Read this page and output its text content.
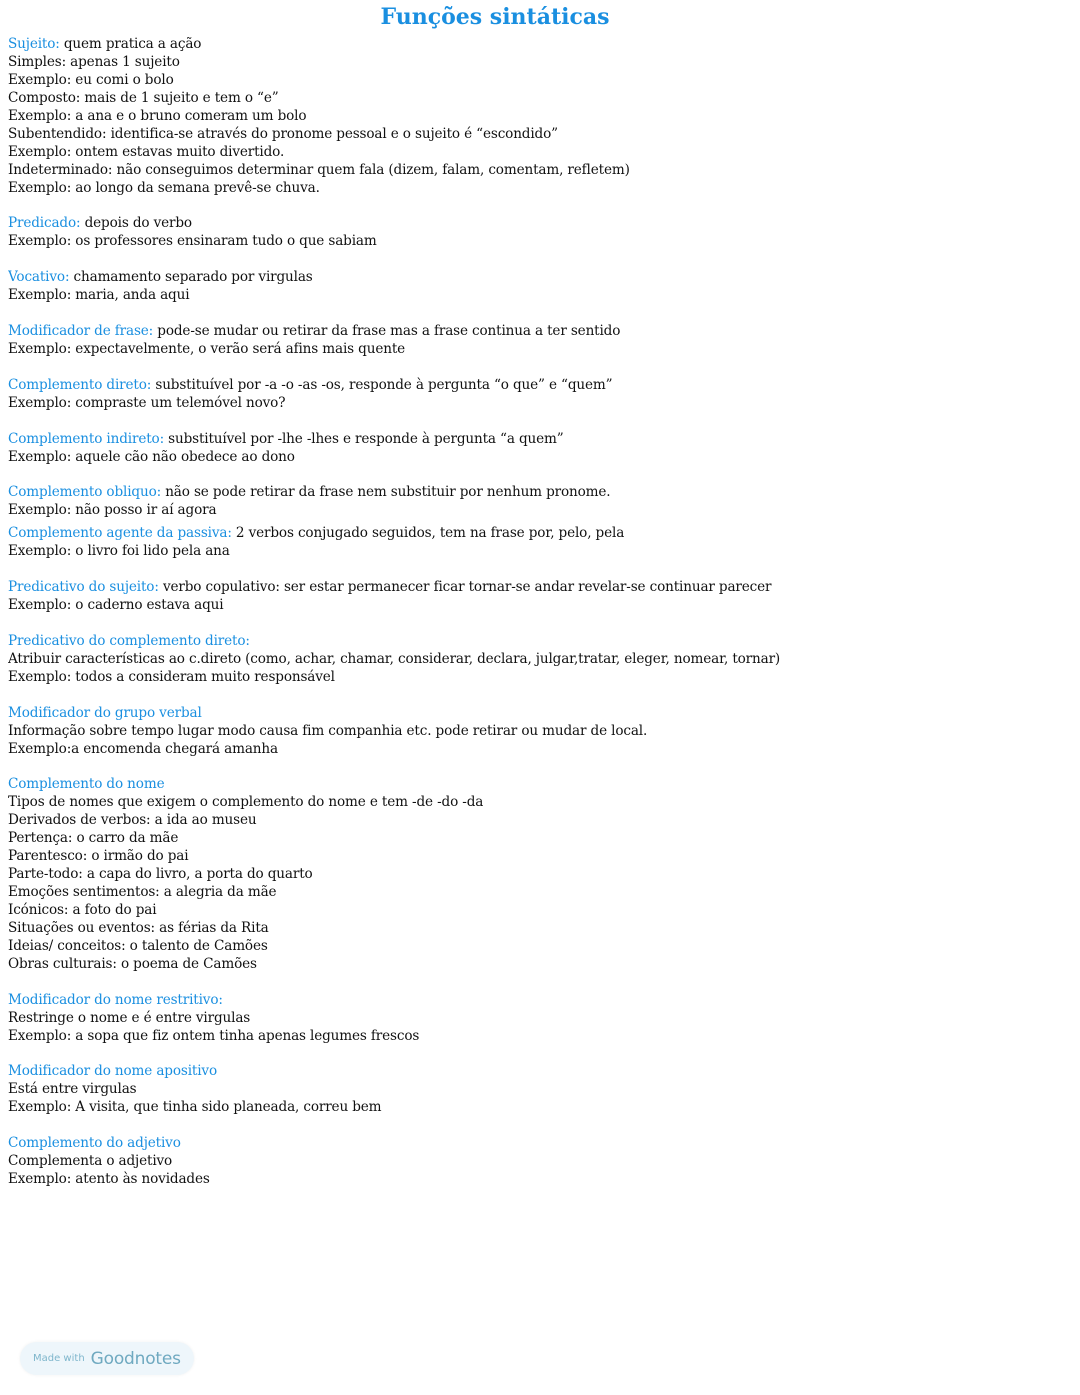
Funções sintáticas
Sujeito: quem pratica a ação
Simples: apenas 1 sujeito
Exemplo: eu comi o bolo
Composto: mais de 1 sujeito e tem o “e”
Exemplo: a ana e o bruno comeram um bolo
Subentendido: identifica-se através do pronome pessoal e o sujeito é “escondido”
Exemplo: ontem estavas muito divertido.
Indeterminado: não conseguimos determinar quem fala (dizem, falam, comentam, refletem)
Exemplo: ao longo da semana prevê-se chuva.
Predicado: depois do verbo
Exemplo: os professores ensinaram tudo o que sabiam
Vocativo: chamamento separado por virgulas
Exemplo: maria, anda aqui
Modificador de frase: pode-se mudar ou retirar da frase mas a frase continua a ter sentido
Exemplo: expectavelmente, o verão será afins mais quente
Complemento direto: substituível por -a -o -as -os, responde à pergunta “o que” e “quem”
Exemplo: compraste um telemóvel novo?
Complemento indireto: substituível por -lhe -lhes e responde à pergunta “a quem”
Exemplo: aquele cão não obedece ao dono
Complemento obliquo: não se pode retirar da frase nem substituir por nenhum pronome.
Exemplo: não posso ir aí agora
Complemento agente da passiva: 2 verbos conjugado seguidos, tem na frase por, pelo, pela
Exemplo: o livro foi lido pela ana
Predicativo do sujeito: verbo copulativo: ser estar permanecer ficar tornar-se andar revelar-se continuar parecer
Exemplo: o caderno estava aqui
Predicativo do complemento direto:
Atribuir características ao c.direto (como, achar, chamar, considerar, declara, julgar,tratar, eleger, nomear, tornar)
Exemplo: todos a consideram muito responsável
Modificador do grupo verbal
Informação sobre tempo lugar modo causa fim companhia etc. pode retirar ou mudar de local.
Exemplo:a encomenda chegará amanha
Complemento do nome
Tipos de nomes que exigem o complemento do nome e tem -de -do -da
Derivados de verbos: a ida ao museu
Pertença: o carro da mãe
Parentesco: o irmão do pai
Parte-todo: a capa do livro, a porta do quarto
Emoções sentimentos: a alegria da mãe
Icónicos: a foto do pai
Situações ou eventos: as férias da Rita
Ideias/ conceitos: o talento de Camões
Obras culturais: o poema de Camões
Modificador do nome restritivo:
Restringe o nome e é entre virgulas
Exemplo: a sopa que fiz ontem tinha apenas legumes frescos
Modificador do nome apositivo
Está entre virgulas
Exemplo: A visita, que tinha sido planeada, correu bem
Complemento do adjetivo
Complementa o adjetivo
Exemplo: atento às novidades
Made with Goodnotes
